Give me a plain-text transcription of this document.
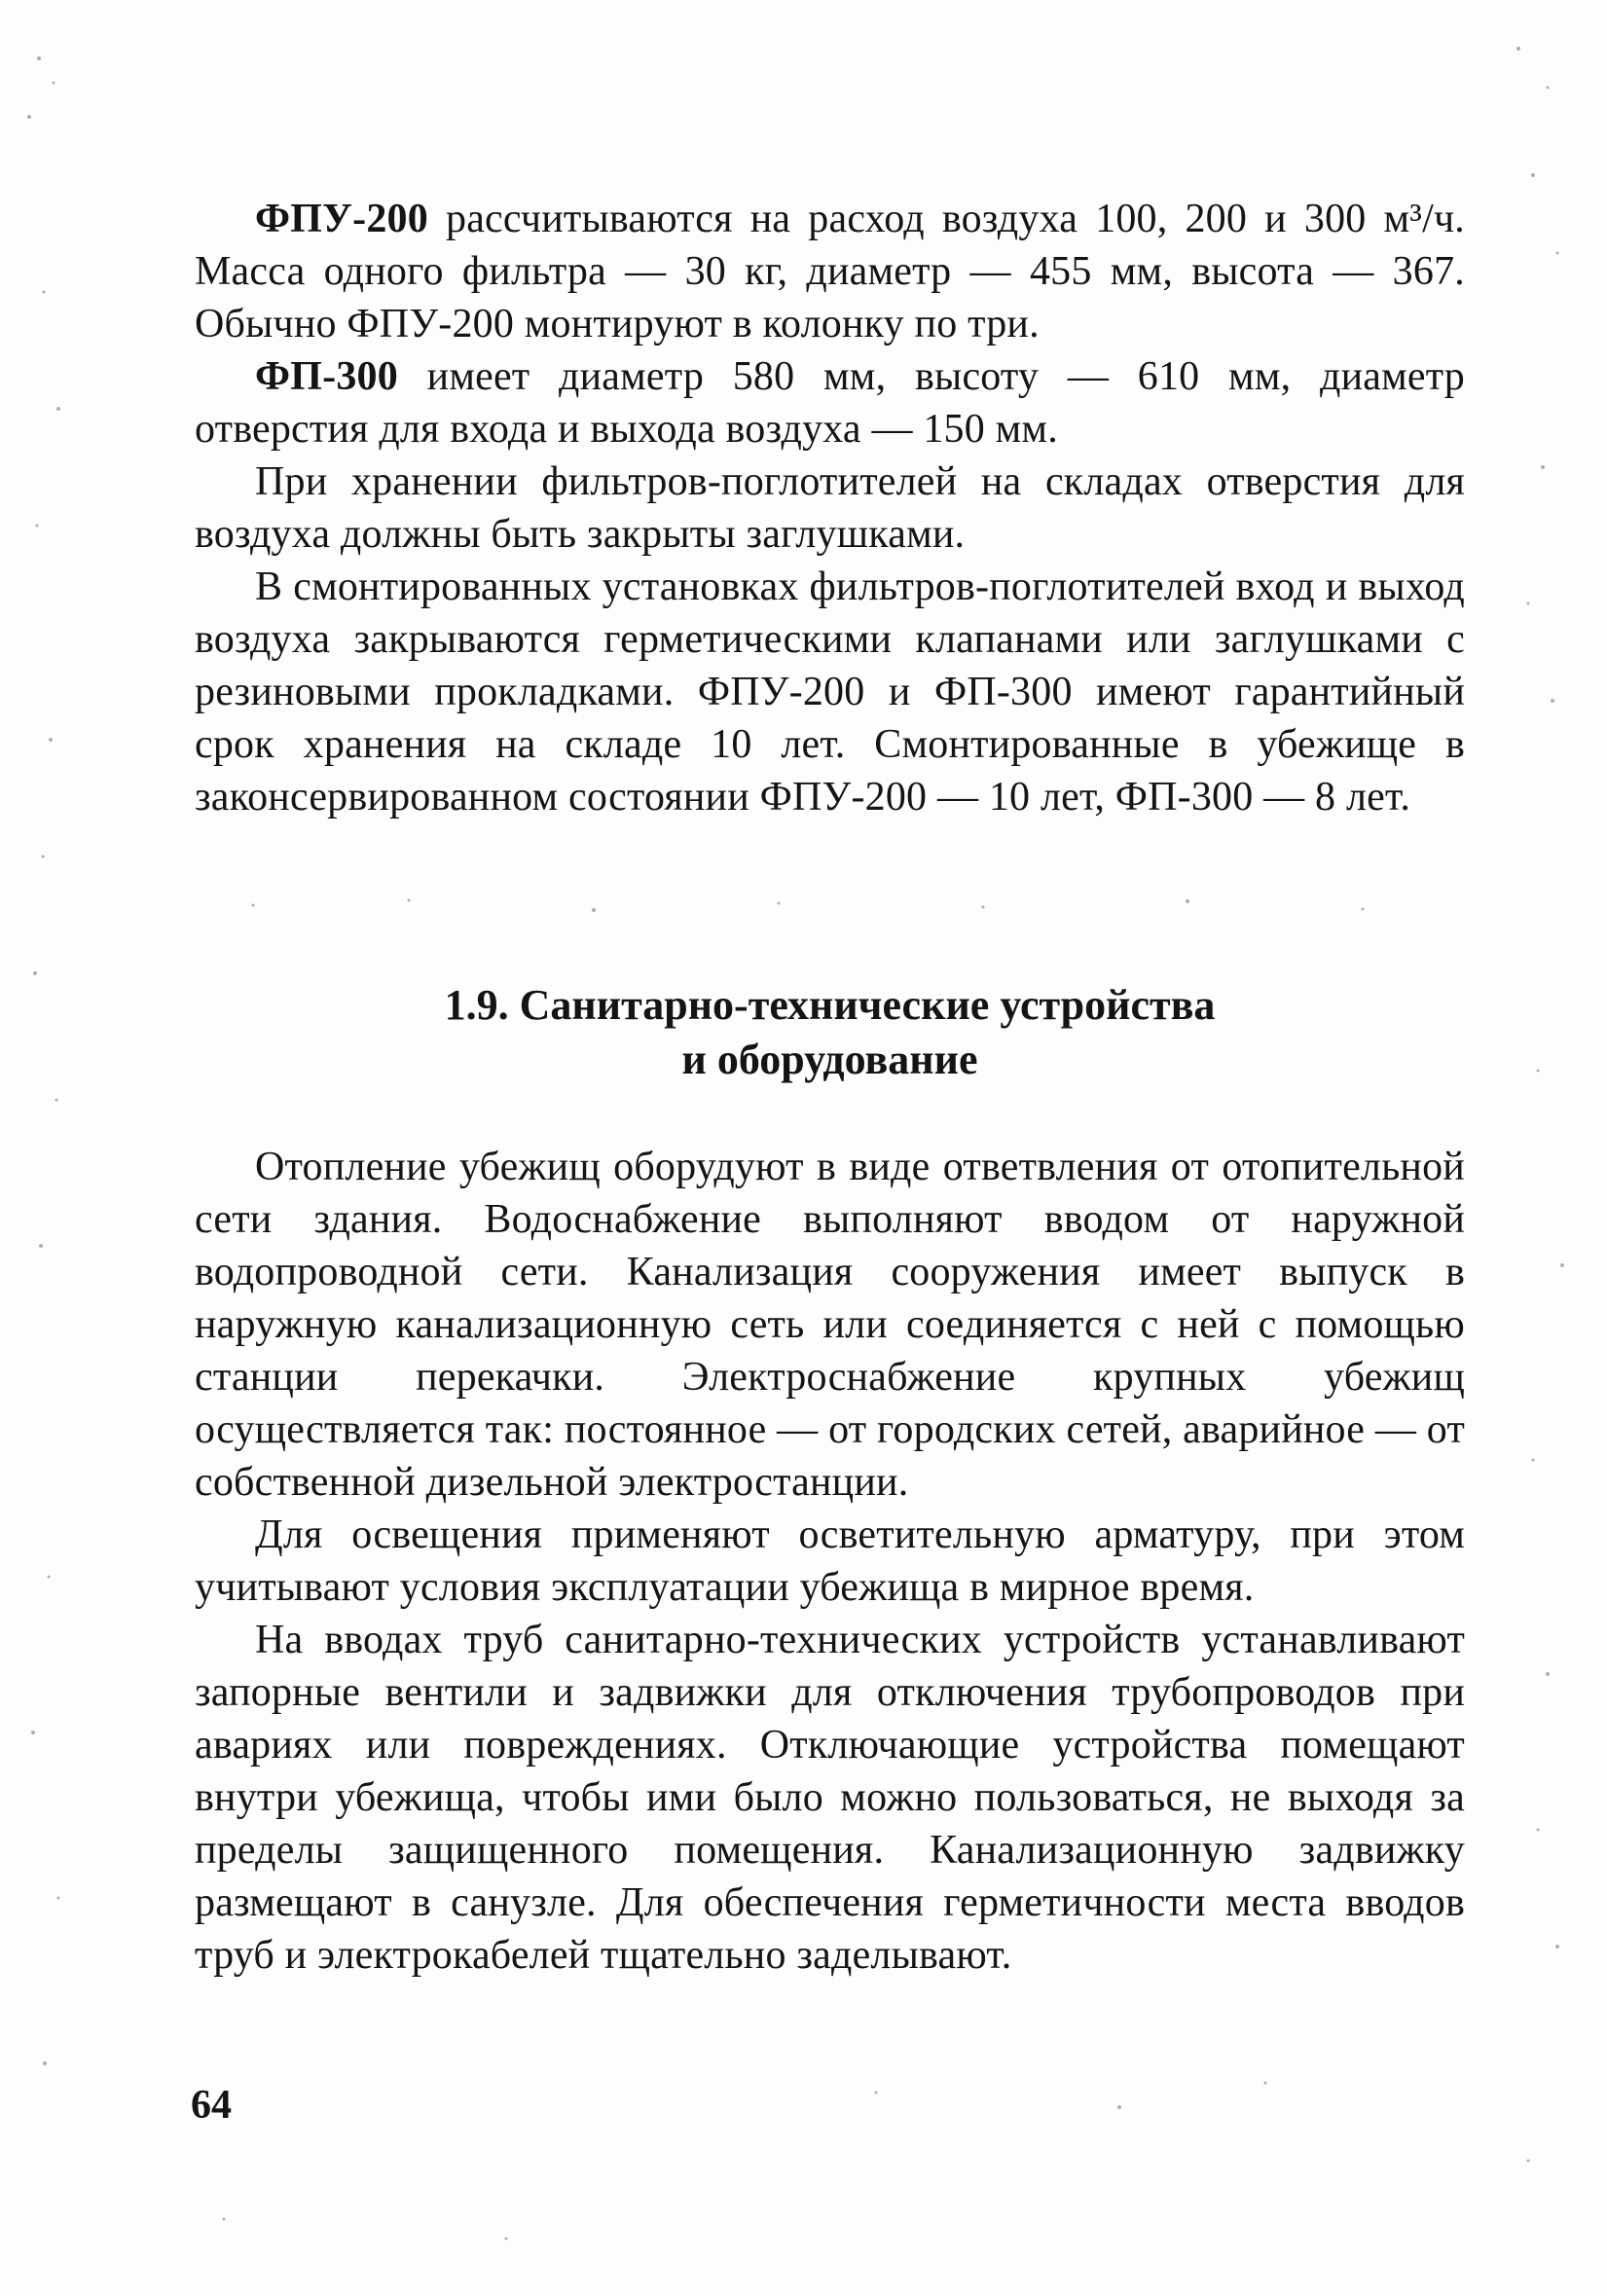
ФПУ-200 рассчитываются на расход воздуха 100, 200 и 300 м³/ч. Масса одного фильтра — 30 кг, диаметр — 455 мм, высота — 367. Обычно ФПУ-200 монтируют в колонку по три.

ФП-300 имеет диаметр 580 мм, высоту — 610 мм, диаметр отверстия для входа и выхода воздуха — 150 мм.

При хранении фильтров-поглотителей на складах отверстия для воздуха должны быть закрыты заглушками.

В смонтированных установках фильтров-поглотителей вход и выход воздуха закрываются герметическими клапанами или заглушками с резиновыми прокладками. ФПУ-200 и ФП-300 имеют гарантийный срок хранения на складе 10 лет. Смонтированные в убежище в законсервированном состоянии ФПУ-200 — 10 лет, ФП-300 — 8 лет.

1.9. Санитарно-технические устройства
и оборудование

Отопление убежищ оборудуют в виде ответвления от отопительной сети здания. Водоснабжение выполняют вводом от наружной водопроводной сети. Канализация сооружения имеет выпуск в наружную канализационную сеть или соединяется с ней с помощью станции перекачки. Электроснабжение крупных убежищ осуществляется так: постоянное — от городских сетей, аварийное — от собственной дизельной электростанции.

Для освещения применяют осветительную арматуру, при этом учитывают условия эксплуатации убежища в мирное время.

На вводах труб санитарно-технических устройств устанавливают запорные вентили и задвижки для отключения трубопроводов при авариях или повреждениях. Отключающие устройства помещают внутри убежища, чтобы ими было можно пользоваться, не выходя за пределы защищенного помещения. Канализационную задвижку размещают в санузле. Для обеспечения герметичности места вводов труб и электрокабелей тщательно заделывают.

64
